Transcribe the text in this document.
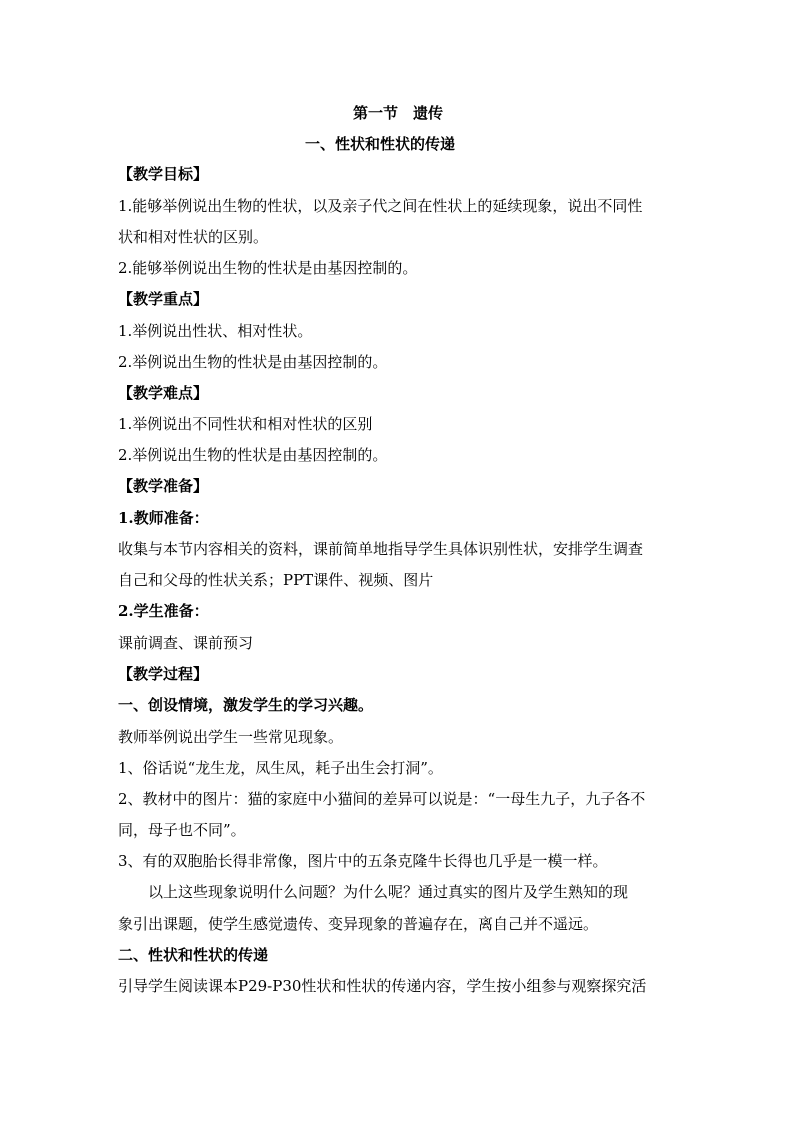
第一节　遗传
一、性状和性状的传递
【教学目标】
1.能够举例说出生物的性状，以及亲子代之间在性状上的延续现象，说出不同性
状和相对性状的区别。
2.能够举例说出生物的性状是由基因控制的。
【教学重点】
1.举例说出性状、相对性状。
2.举例说出生物的性状是由基因控制的。
【教学难点】
1.举例说出不同性状和相对性状的区别
2.举例说出生物的性状是由基因控制的。
【教学准备】
1.教师准备：
收集与本节内容相关的资料，课前简单地指导学生具体识别性状，安排学生调查
自己和父母的性状关系；PPT课件、视频、图片
2.学生准备：
课前调查、课前预习
【教学过程】
一、创设情境，激发学生的学习兴趣。
教师举例说出学生一些常见现象。
1、俗话说“龙生龙，凤生凤，耗子出生会打洞”。
2、教材中的图片：猫的家庭中小猫间的差异可以说是：“一母生九子，九子各不
同，母子也不同”。
3、有的双胞胎长得非常像，图片中的五条克隆牛长得也几乎是一模一样。
以上这些现象说明什么问题？为什么呢？通过真实的图片及学生熟知的现
象引出课题，使学生感觉遗传、变异现象的普遍存在，离自己并不遥远。
二、性状和性状的传递
引导学生阅读课本P29-P30性状和性状的传递内容，学生按小组参与观察探究活
